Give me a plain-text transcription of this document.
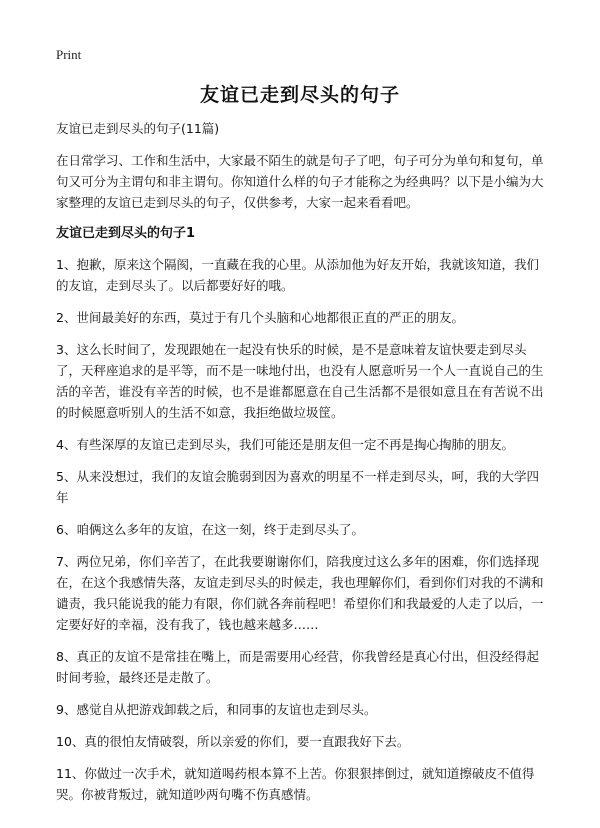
Print
友谊已走到尽头的句子

友谊已走到尽头的句子(11篇)

在日常学习、工作和生活中，大家最不陌生的就是句子了吧，句子可分为单句和复句，单句又可分为主谓句和非主谓句。你知道什么样的句子才能称之为经典吗？以下是小编为大家整理的友谊已走到尽头的句子，仅供参考，大家一起来看看吧。

友谊已走到尽头的句子1

1、抱歉，原来这个隔阂，一直藏在我的心里。从添加他为好友开始，我就该知道，我们的友谊，走到尽头了。以后都要好好的哦。

2、世间最美好的东西，莫过于有几个头脑和心地都很正直的严正的朋友。

3、这么长时间了，发现跟她在一起没有快乐的时候，是不是意味着友谊快要走到尽头了，天秤座追求的是平等，而不是一味地付出，也没有人愿意听另一个人一直说自己的生活的辛苦，谁没有辛苦的时候，也不是谁都愿意在自己生活都不是很如意且在有苦说不出的时候愿意听别人的生活不如意，我拒绝做垃圾筐。

4、有些深厚的友谊已走到尽头，我们可能还是朋友但一定不再是掏心掏肺的朋友。

5、从来没想过，我们的友谊会脆弱到因为喜欢的明星不一样走到尽头，呵，我的大学四年

6、咱俩这么多年的友谊，在这一刻，终于走到尽头了。

7、两位兄弟，你们辛苦了，在此我要谢谢你们，陪我度过这么多年的困难，你们选择现在，在这个我感情失落，友谊走到尽头的时候走，我也理解你们，看到你们对我的不满和谴责，我只能说我的能力有限，你们就各奔前程吧！希望你们和我最爱的人走了以后，一定要好好的幸福，没有我了，钱也越来越多……

8、真正的友谊不是常挂在嘴上，而是需要用心经营，你我曾经是真心付出，但没经得起时间考验，最终还是走散了。

9、感觉自从把游戏卸载之后，和同事的友谊也走到尽头。

10、真的很怕友情破裂，所以亲爱的你们，要一直跟我好下去。

11、你做过一次手术，就知道喝药根本算不上苦。你狠狠摔倒过，就知道擦破皮不值得哭。你被背叛过，就知道吵两句嘴不伤真感情。
